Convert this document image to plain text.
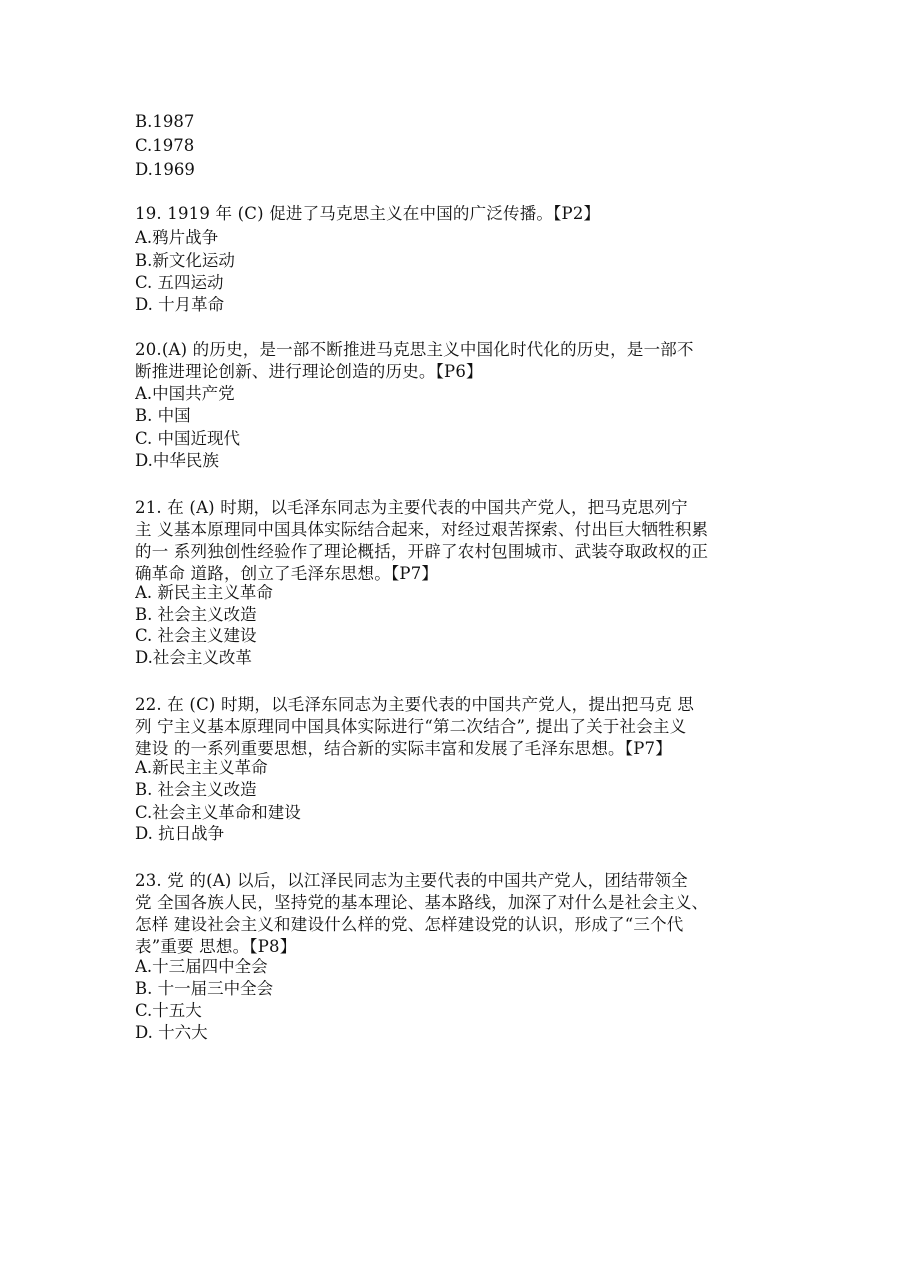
B.1987
C.1978
D.1969
19. 1919 年 (C) 促进了马克思主义在中国的广泛传播。【P2】
A.鸦片战争
B.新文化运动
C. 五四运动
D. 十月革命
20.(A) 的历史，是一部不断推进马克思主义中国化时代化的历史，是一部不
断推进理论创新、进行理论创造的历史。【P6】
A.中国共产党
B. 中国
C. 中国近现代
D.中华民族
21. 在 (A) 时期，以毛泽东同志为主要代表的中国共产党人，把马克思列宁
主 义基本原理同中国具体实际结合起来，对经过艰苦探索、付出巨大牺牲积累
的一 系列独创性经验作了理论概括，开辟了农村包围城市、武装夺取政权的正
确革命 道路，创立了毛泽东思想。【P7】
A. 新民主主义革命
B. 社会主义改造
C. 社会主义建设
D.社会主义改革
22. 在 (C) 时期，以毛泽东同志为主要代表的中国共产党人，提出把马克 思
列 宁主义基本原理同中国具体实际进行“第二次结合”, 提出了关于社会主义
建设 的一系列重要思想，结合新的实际丰富和发展了毛泽东思想。【P7】
A.新民主主义革命
B. 社会主义改造
C.社会主义革命和建设
D. 抗日战争
23. 党 的(A) 以后，以江泽民同志为主要代表的中国共产党人，团结带领全
党 全国各族人民，坚持党的基本理论、基本路线，加深了对什么是社会主义、
怎样 建设社会主义和建设什么样的党、怎样建设党的认识，形成了“三个代
表”重要 思想。【P8】
A.十三届四中全会
B. 十一届三中全会
C.十五大
D. 十六大
